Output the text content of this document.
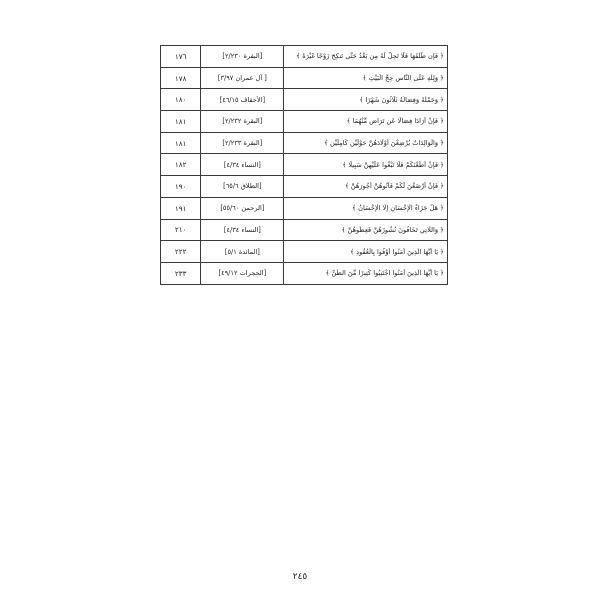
﴿ فَإِن طَلَّقَهَا فَلَا تَحِلُّ لَهُ مِن بَعْدُ حَتَّى تَنكِحَ زَوْجًا غَيْرَهُ ﴾	[البقرة ٢/٢٣٠]	١٧٦

﴿ وَلِلَّهِ عَلَى النَّاسِ حِجُّ الْبَيْتِ ﴾	[ آل عمران ٣/٩٧]	١٧٨

﴿ وَحَمْلُهُ وَفِصَالُهُ ثَلَاثُونَ شَهْرًا ﴾	[الأحقاف ٤٦/١٥]	١٨٠

﴿ فَإِنْ أَرَادَا فِصَالًا عَن تَرَاضٍ مِّنْهُمَا ﴾	[البقرة ٢/٢٣٢]	١٨١

﴿ وَالْوَالِدَاتُ يُرْضِعْنَ أَوْلَادَهُنَّ حَوْلَيْنِ كَامِلَيْنِ ﴾	[البقرة ٢/٢٣٣]	١٨١

﴿ فَإِنْ أَطَعْنَكُمْ فَلَا تَبْغُوا عَلَيْهِنَّ سَبِيلًا ﴾	[النساء ٤/٣٤]	١٨٢

﴿ فَإِنْ أَرْضَعْنَ لَكُمْ فَآتُوهُنَّ أُجُورَهُنَّ ﴾	[الطلاق ٦٥/٦]	١٩٠

﴿ هَلْ جَزَاءُ الْإِحْسَانِ إِلَّا الْإِحْسَانُ ﴾	[الرحمن ٥٥/٦٠]	١٩١

﴿ وَاللَّاتِي تَخَافُونَ نُشُوزَهُنَّ فَعِظُوهُنَّ ﴾	[النساء ٤/٣٤]	٢١٠

﴿ يَا أَيُّهَا الَّذِينَ آمَنُوا أَوْفُوا بِالْعُقُودِ ﴾	[المائدة ٥/١]	٢٢٢

﴿ يَا أَيُّهَا الَّذِينَ آمَنُوا اجْتَنِبُوا كَثِيرًا مِّنَ الظَّنِّ ﴾	[الحجرات ٤٩/١٢]	٢٣٣
٢٤٥
